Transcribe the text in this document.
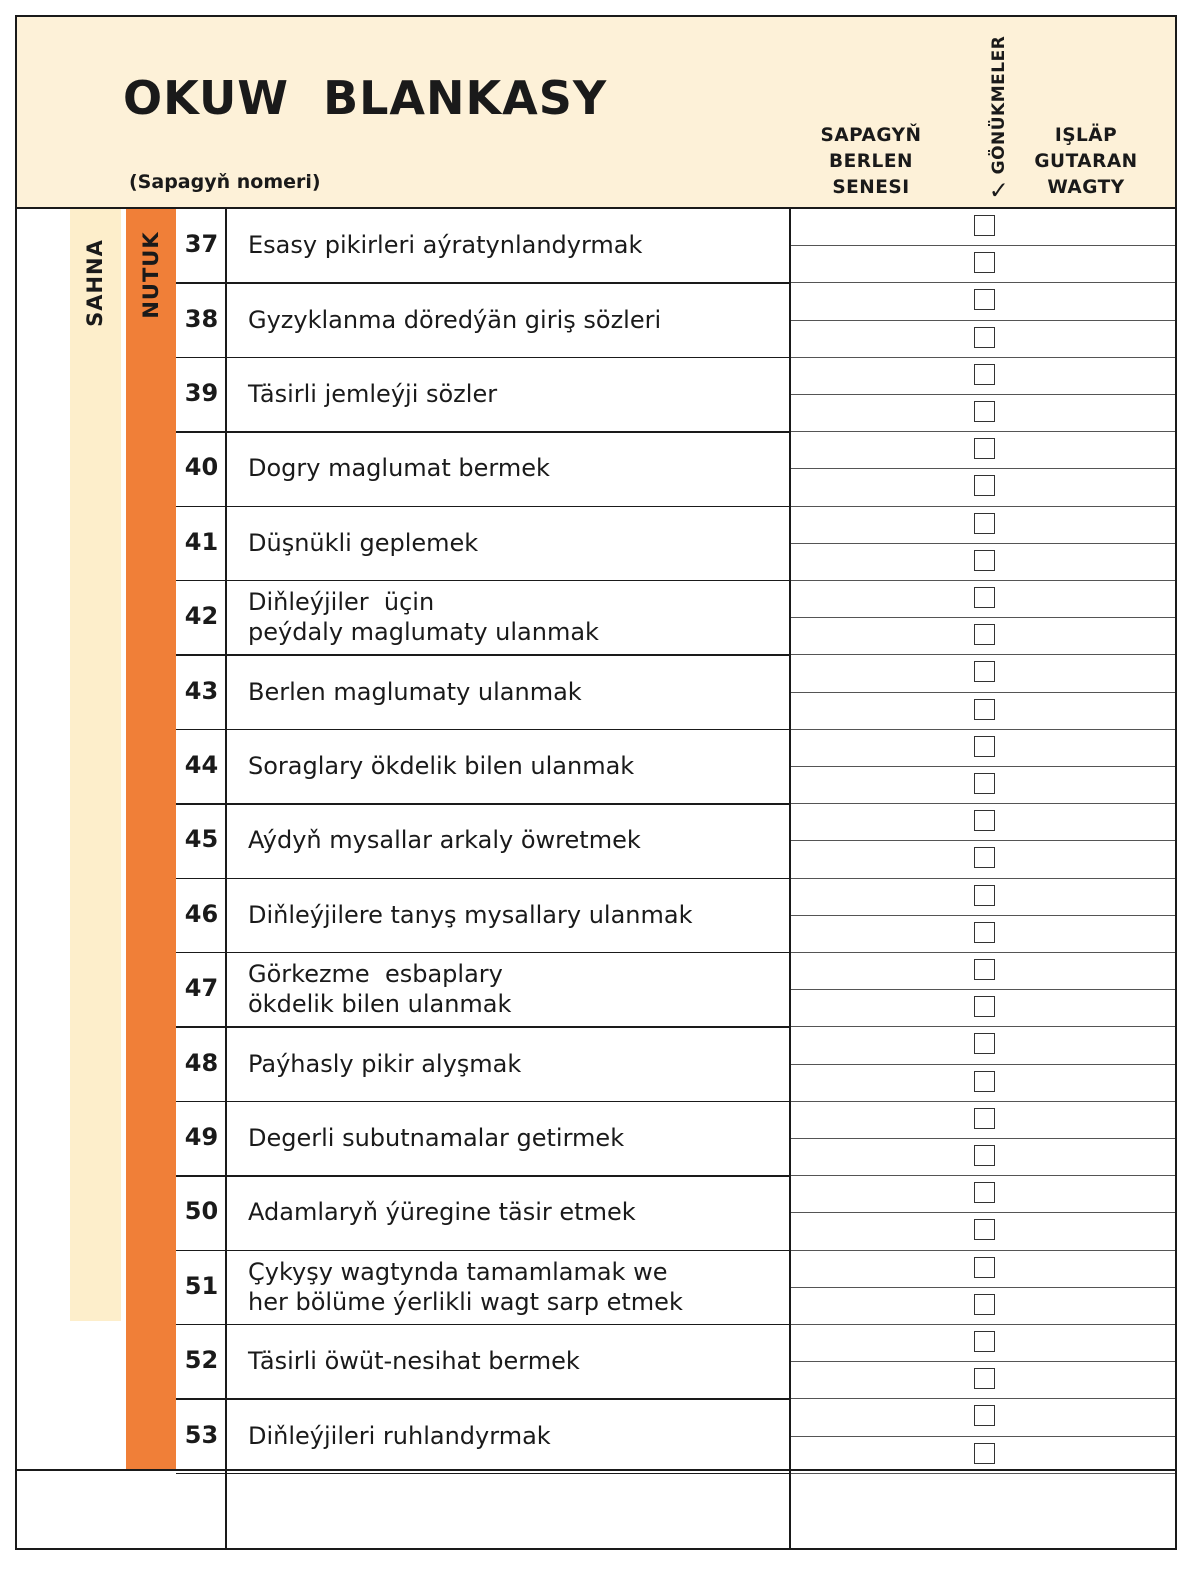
OKUW  BLANKASY
(Sapagyň nomeri)
SAPAGYŇ
BERLEN
SENESI	✓
GÖNÜKMELER	IŞLÄP
GUTARAN
WAGTY
SAHNA NUTUK 37 Esasy pikirleri aýratynlandyrmak
38 Gyzyklanma döredýän giriş sözleri
39 Täsirli jemleýji sözler
40 Dogry maglumat bermek
41 Düşnükli geplemek
42 Diňleýjiler  üçin
peýdaly maglumaty ulanmak
43 Berlen maglumaty ulanmak
44 Soraglary ökdelik bilen ulanmak
45 Aýdyň mysallar arkaly öwretmek
46 Diňleýjilere tanyş mysallary ulanmak
47 Görkezme  esbaplary
ökdelik bilen ulanmak
48 Paýhasly pikir alyşmak
49 Degerli subutnamalar getirmek
50 Adamlaryň ýüregine täsir etmek
51 Çykyşy wagtynda tamamlamak we
her bölüme ýerlikli wagt sarp etmek
52 Täsirli öwüt-nesihat bermek
53 Diňleýjileri ruhlandyrmak
